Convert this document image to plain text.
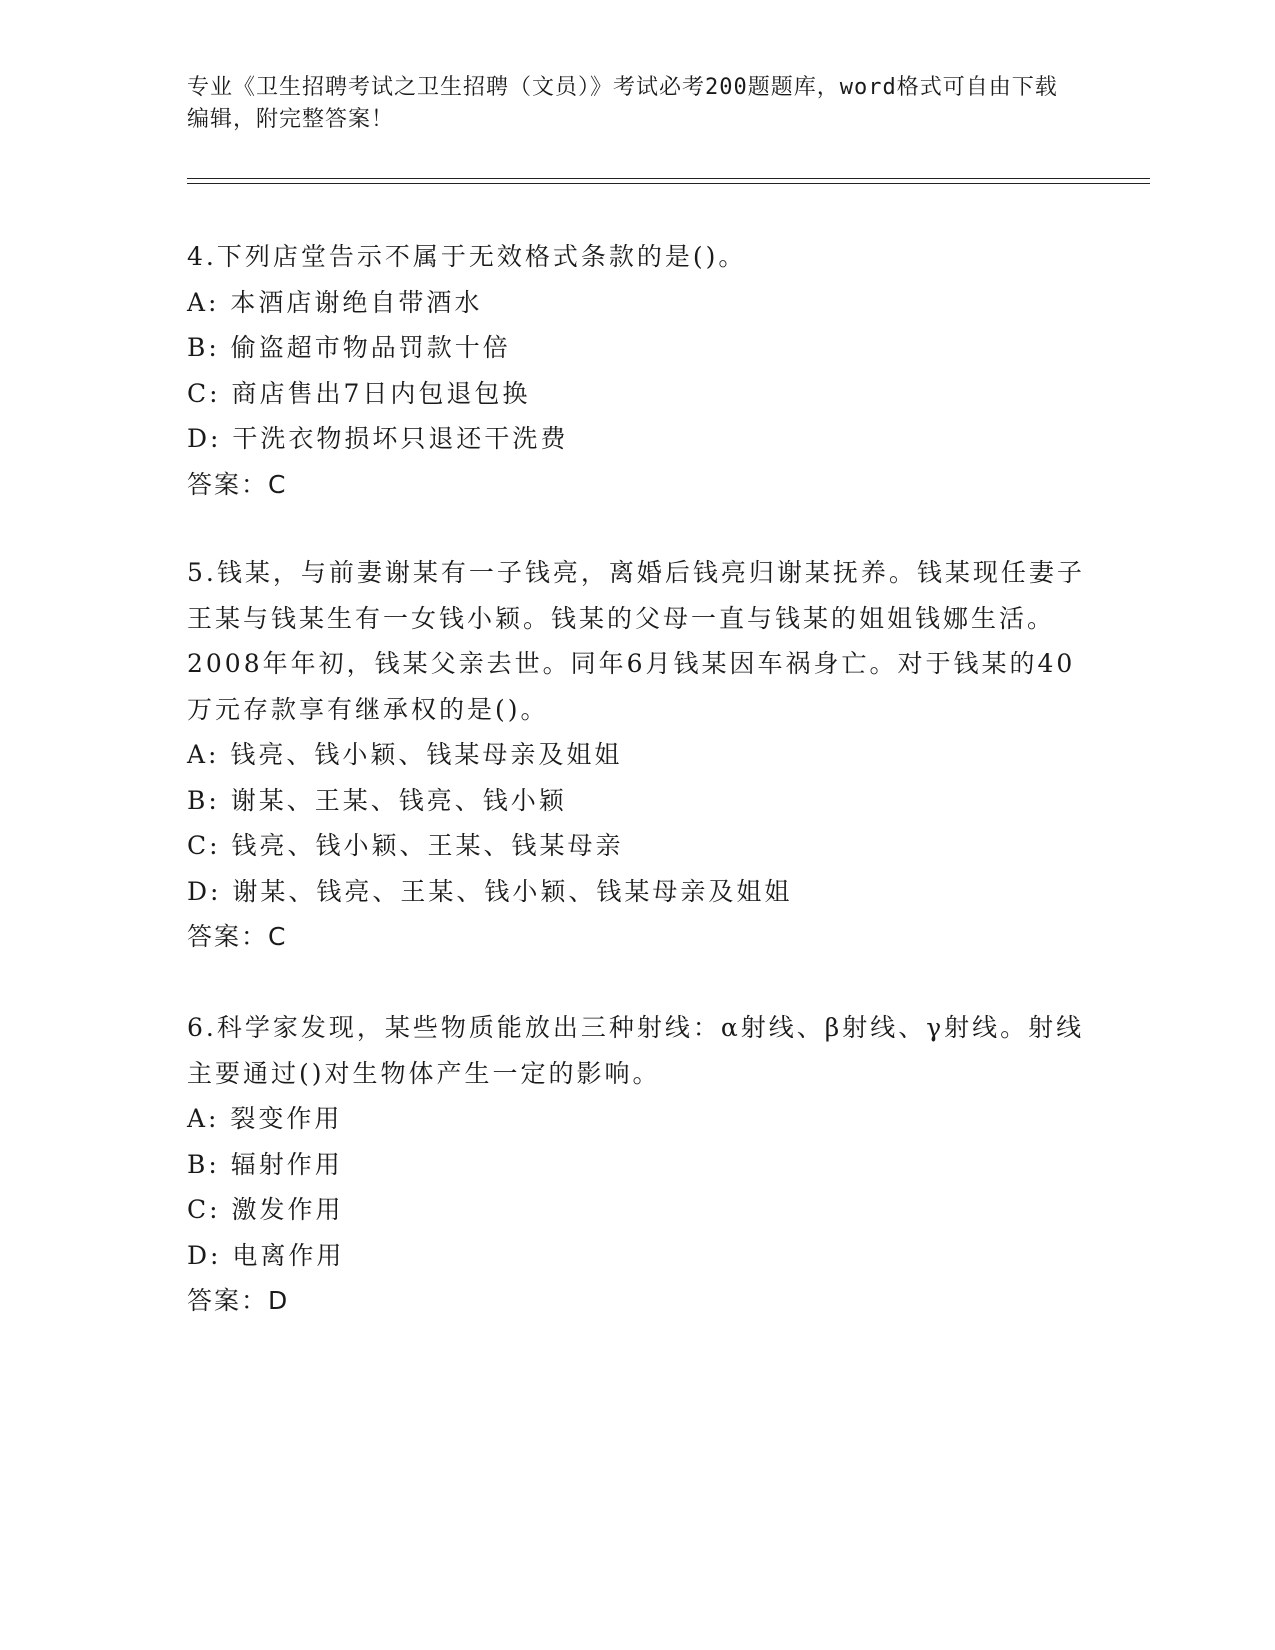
专业《卫生招聘考试之卫生招聘（文员）》考试必考200题题库，word格式可自由下载编辑，附完整答案！
4.下列店堂告示不属于无效格式条款的是()。
A: 本酒店谢绝自带酒水
B: 偷盗超市物品罚款十倍
C: 商店售出7日内包退包换
D: 干洗衣物损坏只退还干洗费
答案：C
5.钱某，与前妻谢某有一子钱亮，离婚后钱亮归谢某抚养。钱某现任妻子王某与钱某生有一女钱小颖。钱某的父母一直与钱某的姐姐钱娜生活。2008年年初，钱某父亲去世。同年6月钱某因车祸身亡。对于钱某的40万元存款享有继承权的是()。
A: 钱亮、钱小颖、钱某母亲及姐姐
B: 谢某、王某、钱亮、钱小颖
C: 钱亮、钱小颖、王某、钱某母亲
D: 谢某、钱亮、王某、钱小颖、钱某母亲及姐姐
答案：C
6.科学家发现，某些物质能放出三种射线：α射线、β射线、γ射线。射线主要通过()对生物体产生一定的影响。
A: 裂变作用
B: 辐射作用
C: 激发作用
D: 电离作用
答案：D
